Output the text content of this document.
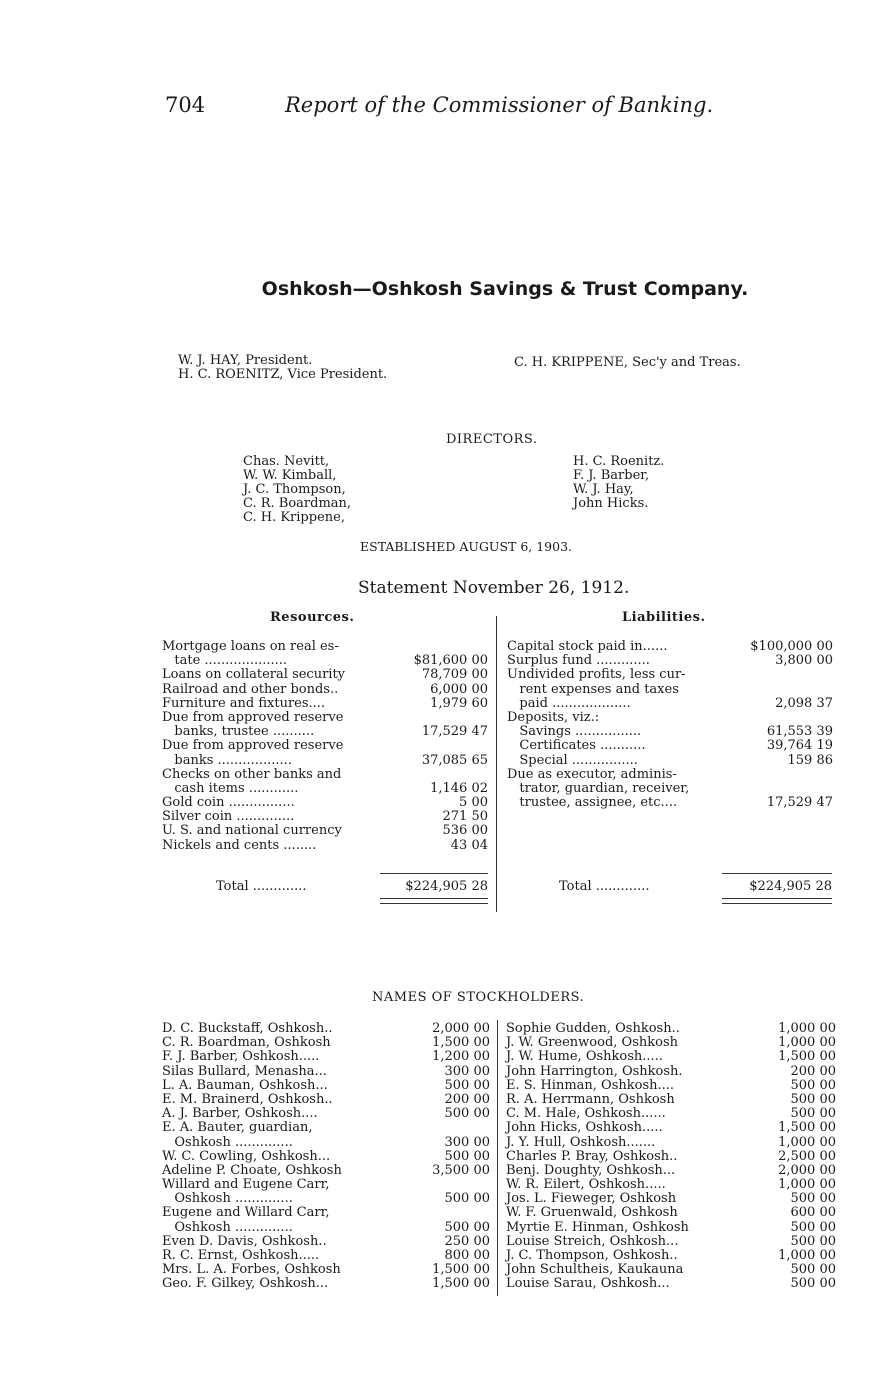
704	Report of the Commissioner of Banking.
Oshkosh—Oshkosh Savings & Trust Company.
W. J. HAY, President.
H. C. ROENITZ, Vice President.
C. H. KRIPPENE, Sec'y and Treas.
DIRECTORS.
Chas. Nevitt,
W. W. Kimball,
J. C. Thompson,
C. R. Boardman,
C. H. Krippene,
H. C. Roenitz.
F. J. Barber,
W. J. Hay,
John Hicks.
ESTABLISHED AUGUST 6, 1903.
Statement November 26, 1912.
Resources.	Liabilities.
Mortgage loans on real es-
tate ....................	$81,600 00
Loans on collateral security	78,709 00
Railroad and other bonds..	6,000 00
Furniture and fixtures....	1,979 60
Due from approved reserve
banks, trustee ..........	17,529 47
Due from approved reserve
banks ..................	37,085 65
Checks on other banks and
cash items ............	1,146 02
Gold coin ................	5 00
Silver coin ..............	271 50
U. S. and national currency	536 00
Nickels and cents ........	43 04
Capital stock paid in......	$100,000 00
Surplus fund .............	3,800 00
Undivided profits, less cur-
rent expenses and taxes
paid ...................	2,098 37
Deposits, viz.:
Savings ................	61,553 39
Certificates ...........	39,764 19
Special ................	159 86
Due as executor, adminis-
trator, guardian, receiver,
trustee, assignee, etc....	17,529 47
Total .............	$224,905 28	Total .............	$224,905 28
NAMES OF STOCKHOLDERS.
D. C. Buckstaff, Oshkosh..	2,000 00
C. R. Boardman, Oshkosh	1,500 00
F. J. Barber, Oshkosh.....	1,200 00
Silas Bullard, Menasha...	300 00
L. A. Bauman, Oshkosh...	500 00
E. M. Brainerd, Oshkosh..	200 00
A. J. Barber, Oshkosh....	500 00
E. A. Bauter, guardian,
Oshkosh ..............	300 00
W. C. Cowling, Oshkosh...	500 00
Adeline P. Choate, Oshkosh	3,500 00
Willard and Eugene Carr,
Oshkosh ..............	500 00
Eugene and Willard Carr,
Oshkosh ..............	500 00
Even D. Davis, Oshkosh..	250 00
R. C. Ernst, Oshkosh.....	800 00
Mrs. L. A. Forbes, Oshkosh	1,500 00
Geo. F. Gilkey, Oshkosh...	1,500 00
Sophie Gudden, Oshkosh..	1,000 00
J. W. Greenwood, Oshkosh	1,000 00
J. W. Hume, Oshkosh.....	1,500 00
John Harrington, Oshkosh.	200 00
E. S. Hinman, Oshkosh....	500 00
R. A. Herrmann, Oshkosh	500 00
C. M. Hale, Oshkosh......	500 00
John Hicks, Oshkosh.....	1,500 00
J. Y. Hull, Oshkosh.......	1,000 00
Charles P. Bray, Oshkosh..	2,500 00
Benj. Doughty, Oshkosh...	2,000 00
W. R. Eilert, Oshkosh.....	1,000 00
Jos. L. Fieweger, Oshkosh	500 00
W. F. Gruenwald, Oshkosh	600 00
Myrtie E. Hinman, Oshkosh	500 00
Louise Streich, Oshkosh...	500 00
J. C. Thompson, Oshkosh..	1,000 00
John Schultheis, Kaukauna	500 00
Louise Sarau, Oshkosh...	500 00
